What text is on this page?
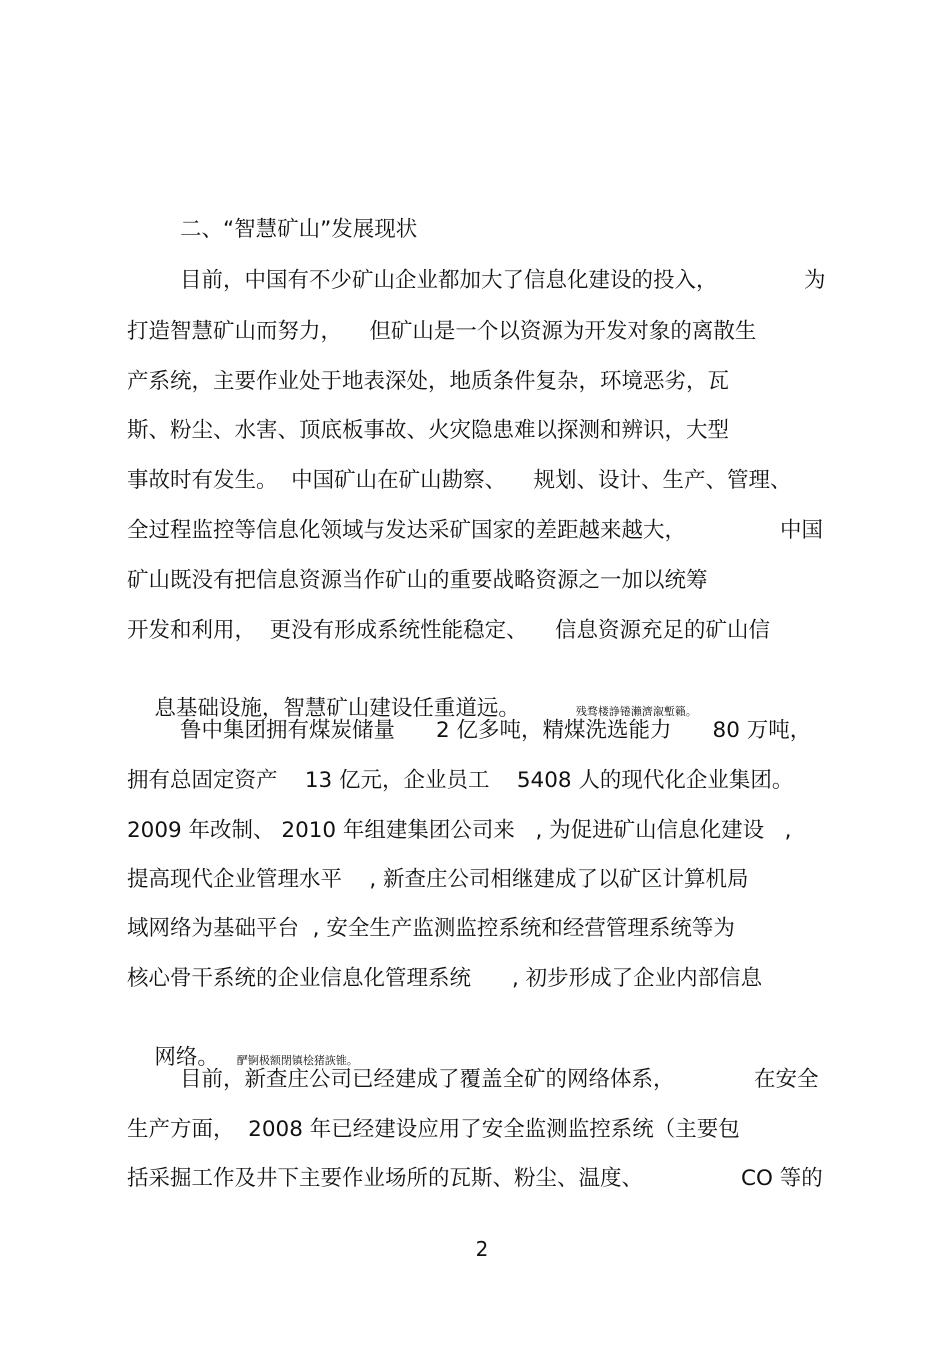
二、“智慧矿山”发展现状
目前，中国有不少矿山企业都加大了信息化建设的投入，	为
打造智慧矿山而努力，    但矿山是一个以资源为开发对象的离散生
产系统，主要作业处于地表深处，地质条件复杂，环境恶劣，瓦
斯、粉尘、水害、顶底板事故、火灾隐患难以探测和辨识，大型
事故时有发生。  中国矿山在矿山勘察、    规划、设计、生产、管理、
全过程监控等信息化领域与发达采矿国家的差距越来越大，	中国
矿山既没有把信息资源当作矿山的重要战略资源之一加以统筹
开发和利用，  更没有形成系统性能稳定、    信息资源充足的矿山信

息基础设施，智慧矿山建设任重道远。	残骛楼諍锩瀨濟溆塹籟。

鲁中集团拥有煤炭储量      2 亿多吨，精煤洗选能力      80 万吨，
拥有总固定资产    13 亿元，企业员工    5408 人的现代化企业集团。
2009 年改制、 2010 年组建集团公司来   , 为促进矿山信息化建设   ,
提高现代企业管理水平    , 新查庄公司相继建成了以矿区计算机局
域网络为基础平台  , 安全生产监测监控系统和经营管理系统等为
核心骨干系统的企业信息化管理系统      , 初步形成了企业内部信息

网络。 酽锕极额閉镇桧猪詼锥。

目前，新查庄公司已经建成了覆盖全矿的网络体系，	在安全
生产方面，  2008 年已经建设应用了安全监测监控系统（主要包
括采掘工作及井下主要作业场所的瓦斯、粉尘、温度、	CO 等的
2
